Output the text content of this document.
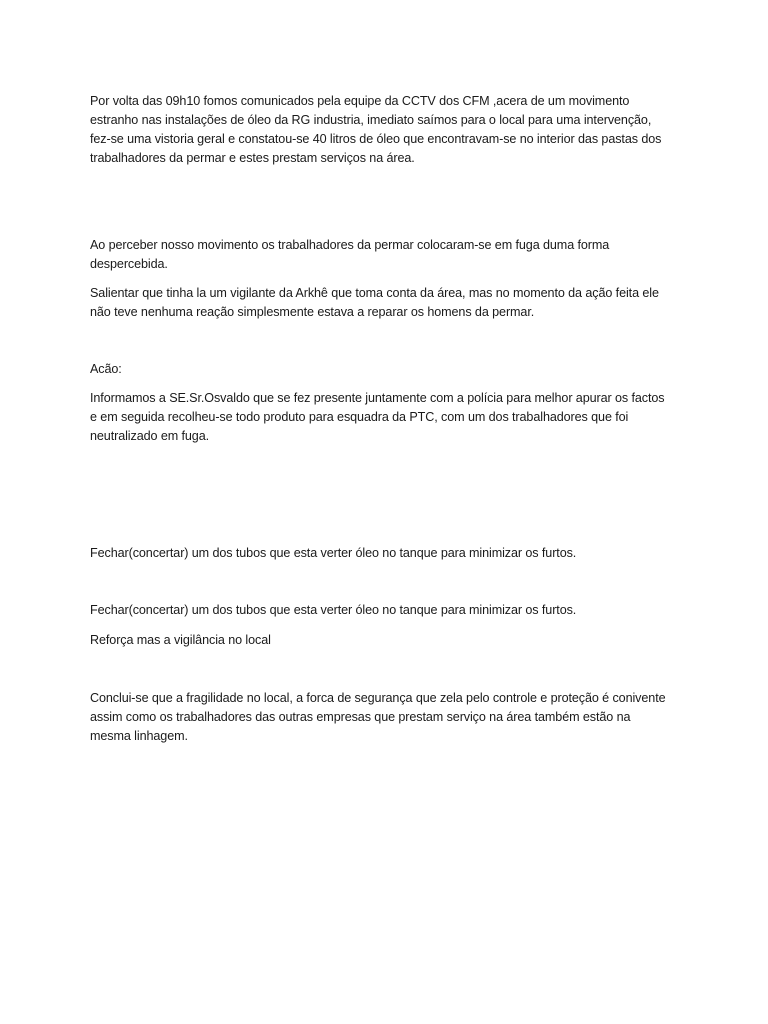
Por volta das 09h10 fomos comunicados pela equipe da CCTV dos CFM ,acera de um movimento
estranho nas instalações de óleo da RG industria, imediato saímos para o local para uma intervenção,
fez-se uma vistoria geral e constatou-se 40 litros de óleo que encontravam-se no interior das pastas dos
trabalhadores da permar e estes prestam serviços na área.

Ao perceber nosso movimento os trabalhadores da permar colocaram-se em fuga duma forma
despercebida.

Salientar que tinha la um vigilante da Arkhê que toma conta da área, mas no momento da ação feita ele
não teve nenhuma reação simplesmente estava a reparar os homens da permar.

Acão:

Informamos a SE.Sr.Osvaldo que se fez presente juntamente com a polícia para melhor apurar os factos
e em seguida recolheu-se todo produto para esquadra da PTC, com um dos trabalhadores que foi
neutralizado em fuga.

Fechar(concertar) um dos tubos que esta verter óleo no tanque para minimizar os furtos.

Fechar(concertar) um dos tubos que esta verter óleo no tanque para minimizar os furtos.

Reforça mas a vigilância no local

Conclui-se que a fragilidade no local, a forca de segurança que zela pelo controle e proteção é conivente
assim como os trabalhadores das outras empresas que prestam serviço na área também estão na
mesma linhagem.
